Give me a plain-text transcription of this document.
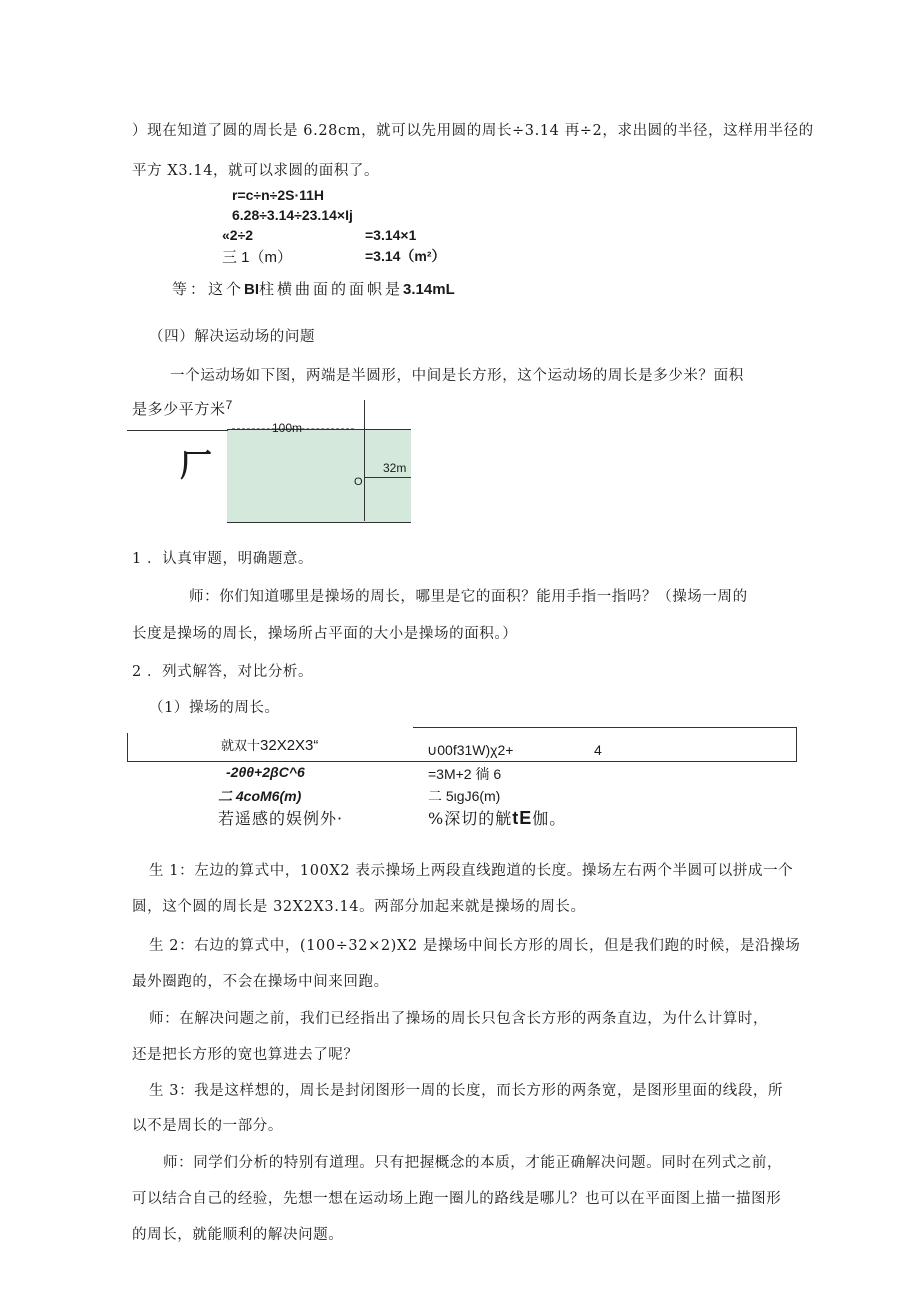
）现在知道了圆的周长是 6.28cm，就可以先用圆的周长÷3.14 再÷2，求出圆的半径，这样用半径的
平方 X3.14，就可以求圆的面积了。
r=c÷n÷2S·11H
6.28÷3.14÷23.14×Ij
«2÷2	=3.14×1
三 1（m）	=3.14（m²）
等：这个BI柱横曲面的面帜是3.14mL
（四）解决运动场的问题
一个运动场如下图，两端是半圆形，中间是长方形，这个运动场的周长是多少米？面积
是多少平方米$^7$
100m
32m
O
厂
1 ．认真审题，明确题意。
师：你们知道哪里是操场的周长，哪里是它的面积？能用手指一指吗？（操场一周的
长度是操场的周长，操场所占平面的大小是操场的面积。）
2 ．列式解答，对比分析。
（1）操场的周长。
就双十32X2X3“	∪00f31W)χ2+	4
-2θθ+2βC^6	=3M+2 徜 6
二 4coM6(m)	二 5ιgJ6(m)
若遥感的娱例外·	%深切的觥tE伽。
生 1：左边的算式中，100X2 表示操场上两段直线跑道的长度。操场左右两个半圆可以拼成一个
圆，这个圆的周长是 32X2X3.14。两部分加起来就是操场的周长。
生 2：右边的算式中，(100÷32×2)X2 是操场中间长方形的周长，但是我们跑的时候，是沿操场
最外圈跑的，不会在操场中间来回跑。
师：在解决问题之前，我们已经指出了操场的周长只包含长方形的两条直边，为什么计算时，
还是把长方形的宽也算进去了呢？
生 3：我是这样想的，周长是封闭图形一周的长度，而长方形的两条宽，是图形里面的线段，所
以不是周长的一部分。
师：同学们分析的特别有道理。只有把握概念的本质，才能正确解决问题。同时在列式之前，
可以结合自己的经验，先想一想在运动场上跑一圈儿的路线是哪儿？也可以在平面图上描一描图形
的周长，就能顺利的解决问题。
